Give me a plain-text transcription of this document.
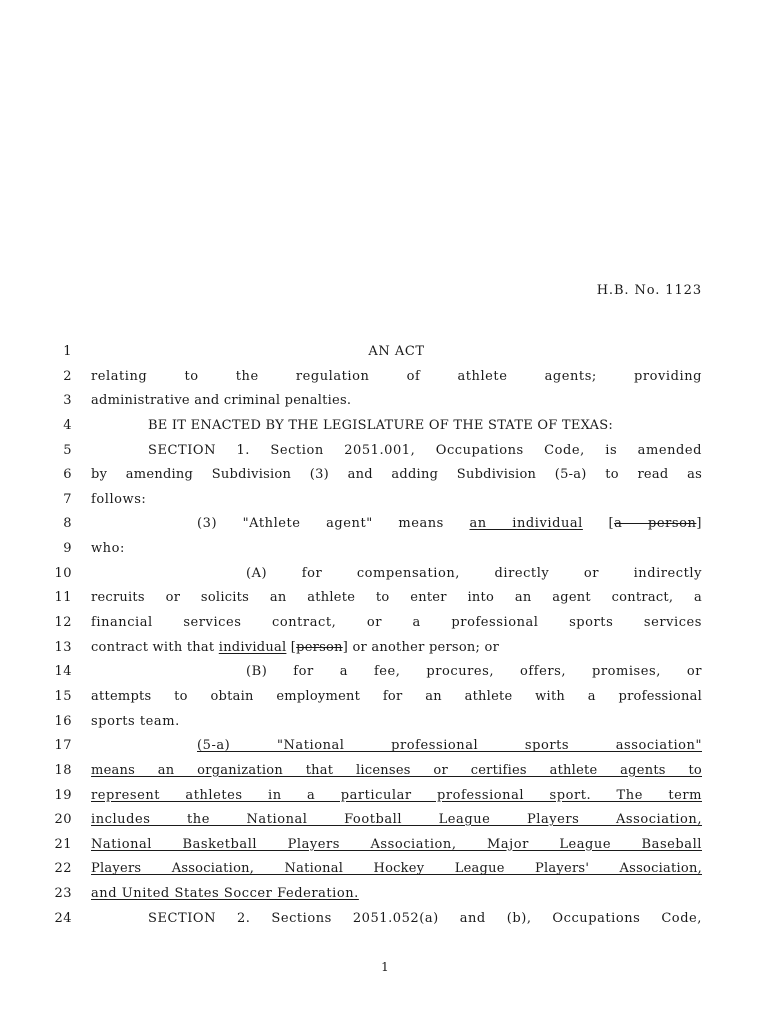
H.B. No. 1123
1	AN ACT
2 relating to the regulation of athlete agents; providing
3 administrative and criminal penalties.
4	BE IT ENACTED BY THE LEGISLATURE OF THE STATE OF TEXAS:
5	SECTION 1. Section 2051.001, Occupations Code, is amended
6 by amending Subdivision (3) and adding Subdivision (5-a) to read as
7 follows:
8	(3) "Athlete agent" means an individual [a person]
9 who:
10	(A) for compensation, directly or indirectly
11 recruits or solicits an athlete to enter into an agent contract, a
12 financial services contract, or a professional sports services
13 contract with that individual [person] or another person; or
14	(B) for a fee, procures, offers, promises, or
15 attempts to obtain employment for an athlete with a professional
16 sports team.
17	(5-a) "National professional sports association"
18 means an organization that licenses or certifies athlete agents to
19 represent athletes in a particular professional sport. The term
20 includes the National Football League Players Association,
21 National Basketball Players Association, Major League Baseball
22 Players Association, National Hockey League Players' Association,
23 and United States Soccer Federation.
24	SECTION 2. Sections 2051.052(a) and (b), Occupations Code,
1
